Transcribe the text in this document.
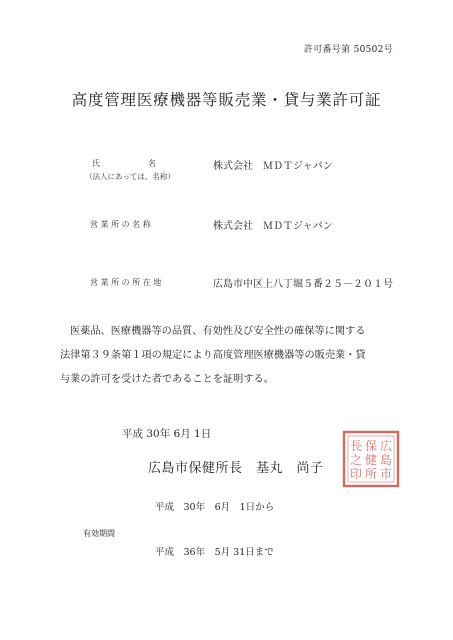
許可番号第 50502号
高度管理医療機器等販売業・貸与業許可証
氏　　　　　　名
（法人にあっては、名称）
株式会社　ＭＤＴジャパン
営 業 所 の 名 称	株式会社　ＭＤＴジャパン
営 業 所 の 所 在 地	広島市中区上八丁堀５番２５－２０１号
医薬品、医療機器等の品質、有効性及び安全性の確保等に関する
法律第３９条第１項の規定により高度管理医療機器等の販売業・貸
与業の許可を受けた者であることを証明する。
平成 30年 6月 1日
広島市保健所長　基丸　尚子
広
島
市
保
健
所
長
之
印
平成　30年　6月　1日から
有効期間
平成　36年　5月 31日まで
